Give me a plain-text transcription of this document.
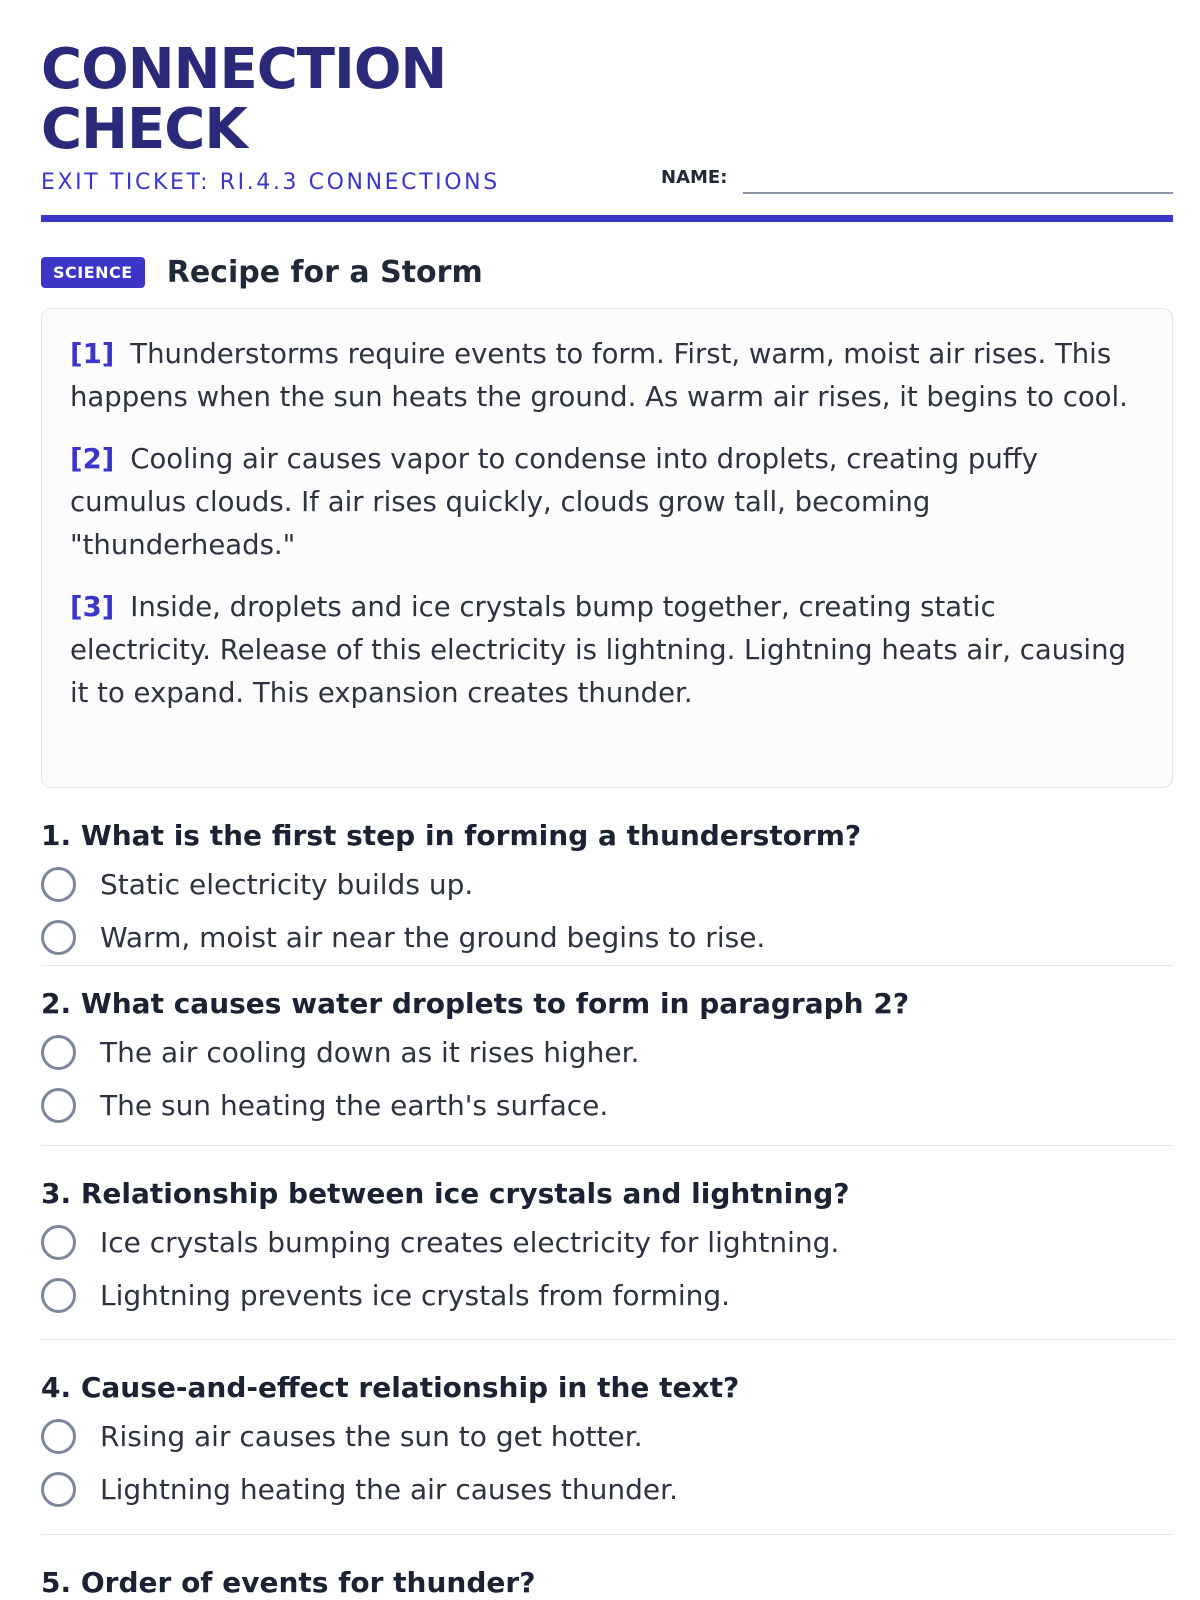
CONNECTION CHECK
EXIT TICKET: RI.4.3 CONNECTIONS	NAME:
SCIENCE	Recipe for a Storm

[1] Thunderstorms require events to form. First, warm, moist air rises. This happens when the sun heats the ground. As warm air rises, it begins to cool.

[2] Cooling air causes vapor to condense into droplets, creating puffy cumulus clouds. If air rises quickly, clouds grow tall, becoming "thunderheads."

[3] Inside, droplets and ice crystals bump together, creating static electricity. Release of this electricity is lightning. Lightning heats air, causing it to expand. This expansion creates thunder.

1. What is the first step in forming a thunderstorm?

Static electricity builds up.
Warm, moist air near the ground begins to rise.

2. What causes water droplets to form in paragraph 2?

The air cooling down as it rises higher.
The sun heating the earth's surface.

3. Relationship between ice crystals and lightning?

Ice crystals bumping creates electricity for lightning.
Lightning prevents ice crystals from forming.

4. Cause-and-effect relationship in the text?

Rising air causes the sun to get hotter.
Lightning heating the air causes thunder.

5. Order of events for thunder?
